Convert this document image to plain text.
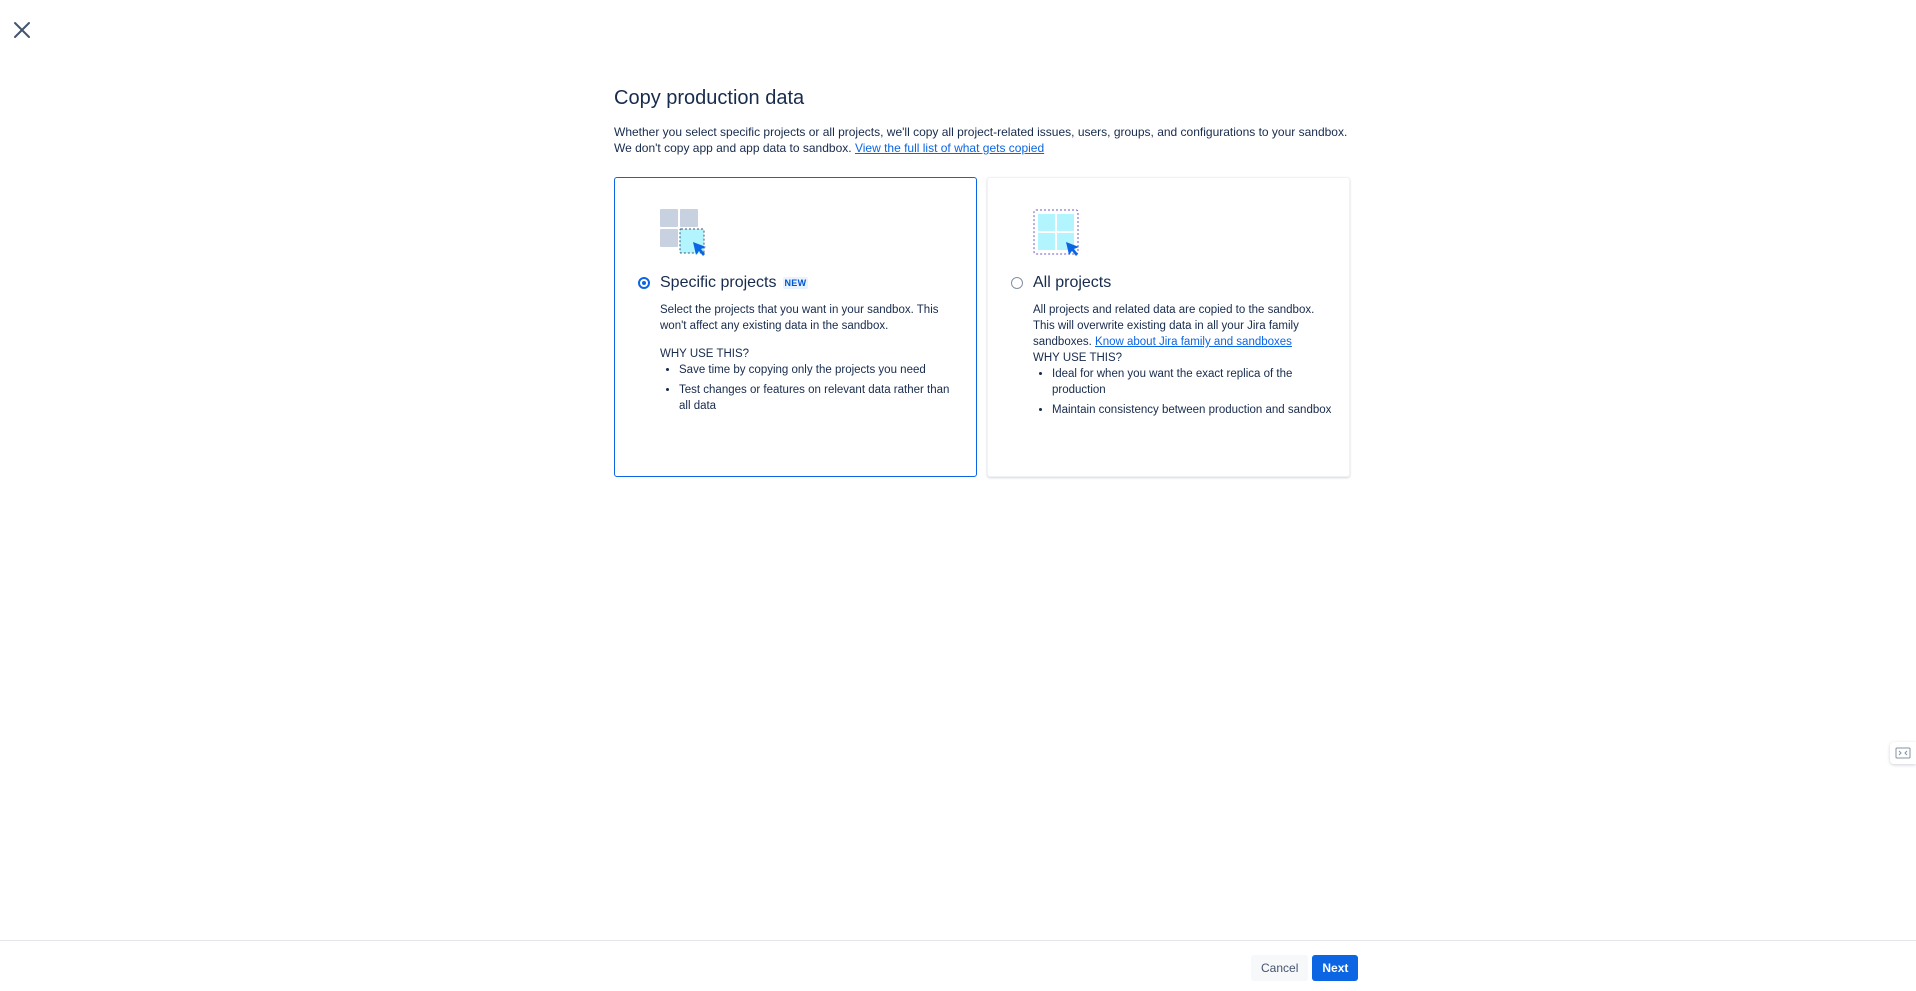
Copy production data
Whether you select specific projects or all projects, we'll copy all project-related issues, users, groups, and configurations to your sandbox. We don't copy app and app data to sandbox. View the full list of what gets copied
Specific projects NEW

Select the projects that you want in your sandbox. This won't affect any existing data in the sandbox.

WHY USE THIS?
• Save time by copying only the projects you need
• Test changes or features on relevant data rather than all data
All projects

All projects and related data are copied to the sandbox. This will overwrite existing data in all your Jira family sandboxes. Know about Jira family and sandboxes

WHY USE THIS?
• Ideal for when you want the exact replica of the production
• Maintain consistency between production and sandbox
Cancel	Next
